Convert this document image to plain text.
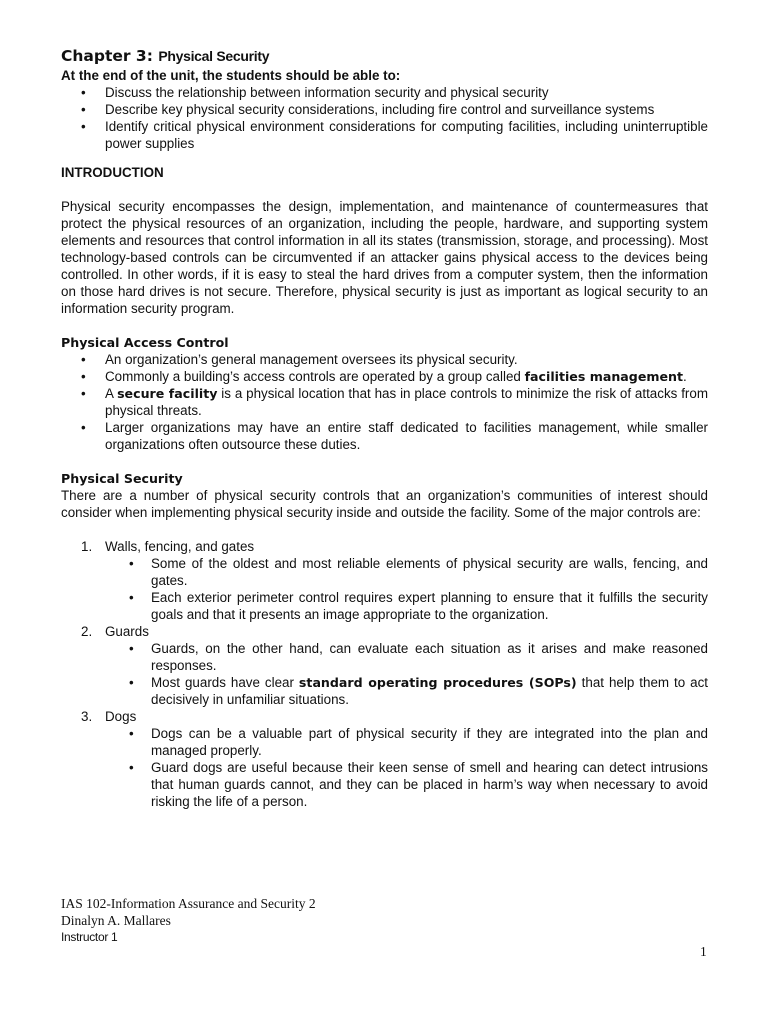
Chapter 3: Physical Security
At the end of the unit, the students should be able to:
• Discuss the relationship between information security and physical security
• Describe key physical security considerations, including fire control and surveillance systems
• Identify critical physical environment considerations for computing facilities, including uninterruptible power supplies
INTRODUCTION

Physical security encompasses the design, implementation, and maintenance of countermeasures that protect the physical resources of an organization, including the people, hardware, and supporting system elements and resources that control information in all its states (transmission, storage, and processing). Most technology-based controls can be circumvented if an attacker gains physical access to the devices being controlled. In other words, if it is easy to steal the hard drives from a computer system, then the information on those hard drives is not secure. Therefore, physical security is just as important as logical security to an information security program.

Physical Access Control
• An organization’s general management oversees its physical security.
• Commonly a building’s access controls are operated by a group called facilities management.
• A secure facility is a physical location that has in place controls to minimize the risk of attacks from physical threats.
• Larger organizations may have an entire staff dedicated to facilities management, while smaller organizations often outsource these duties.
Physical Security

There are a number of physical security controls that an organization’s communities of interest should consider when implementing physical security inside and outside the facility. Some of the major controls are:

1. Walls, fencing, and gates
• Some of the oldest and most reliable elements of physical security are walls, fencing, and gates.
• Each exterior perimeter control requires expert planning to ensure that it fulfills the security goals and that it presents an image appropriate to the organization.
2. Guards
• Guards, on the other hand, can evaluate each situation as it arises and make reasoned responses.
• Most guards have clear standard operating procedures (SOPs) that help them to act decisively in unfamiliar situations.
3. Dogs
• Dogs can be a valuable part of physical security if they are integrated into the plan and managed properly.
• Guard dogs are useful because their keen sense of smell and hearing can detect intrusions that human guards cannot, and they can be placed in harm’s way when necessary to avoid risking the life of a person.
IAS 102-Information Assurance and Security 2
Dinalyn A. Mallares
Instructor 1
1
